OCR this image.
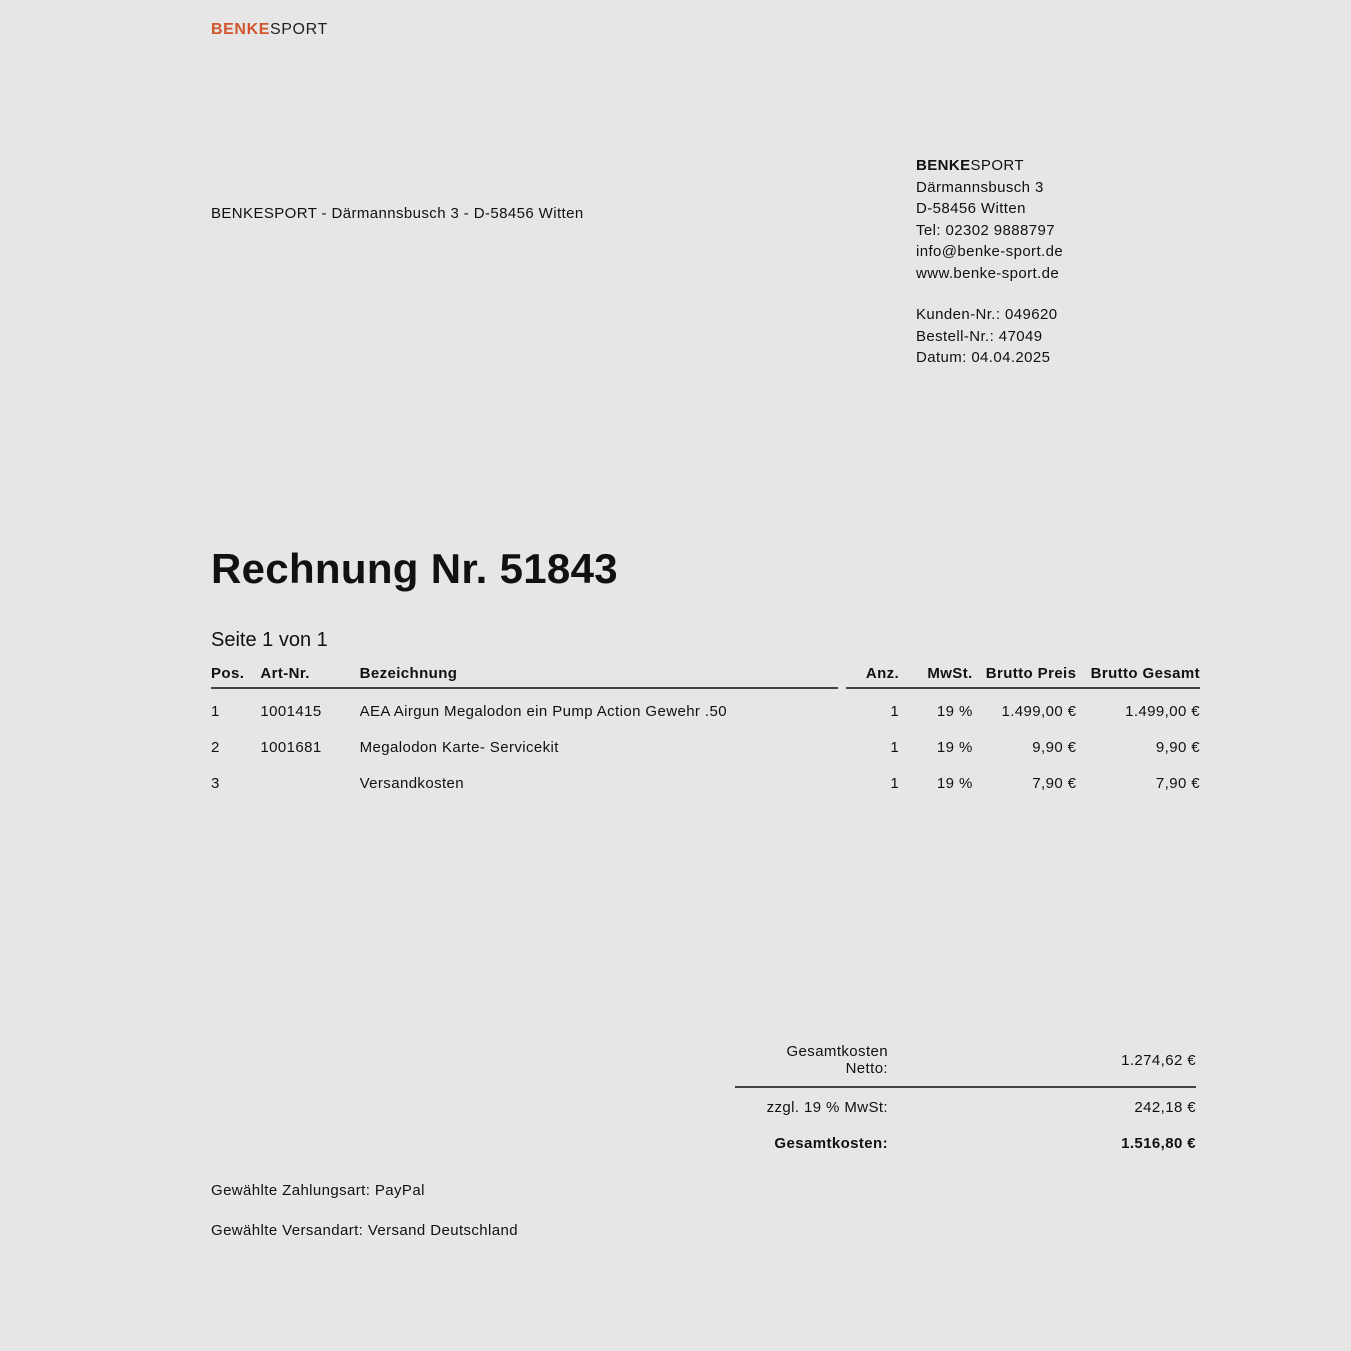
BENKESPORT
BENKESPORT - Därmannsbusch 3 - D-58456 Witten
BENKESPORT
Därmannsbusch 3
D-58456 Witten
Tel: 02302 9888797
info@benke-sport.de
www.benke-sport.de
Kunden-Nr.: 049620
Bestell-Nr.: 47049
Datum: 04.04.2025
Rechnung Nr. 51843
Seite 1 von 1
Pos.	Art-Nr.	Bezeichnung	Anz.	MwSt.	Brutto Preis	Brutto Gesamt
1	1001415	AEA Airgun Megalodon ein Pump Action Gewehr .50	1	19 %	1.499,00 €	1.499,00 €
2	1001681	Megalodon Karte- Servicekit	1	19 %	9,90 €	9,90 €
3		Versandkosten	1	19 %	7,90 €	7,90 €
Gesamtkosten
Netto:	1.274,62 €
zzgl. 19 % MwSt:	242,18 €
Gesamtkosten:	1.516,80 €
Gewählte Zahlungsart: PayPal
Gewählte Versandart: Versand Deutschland
